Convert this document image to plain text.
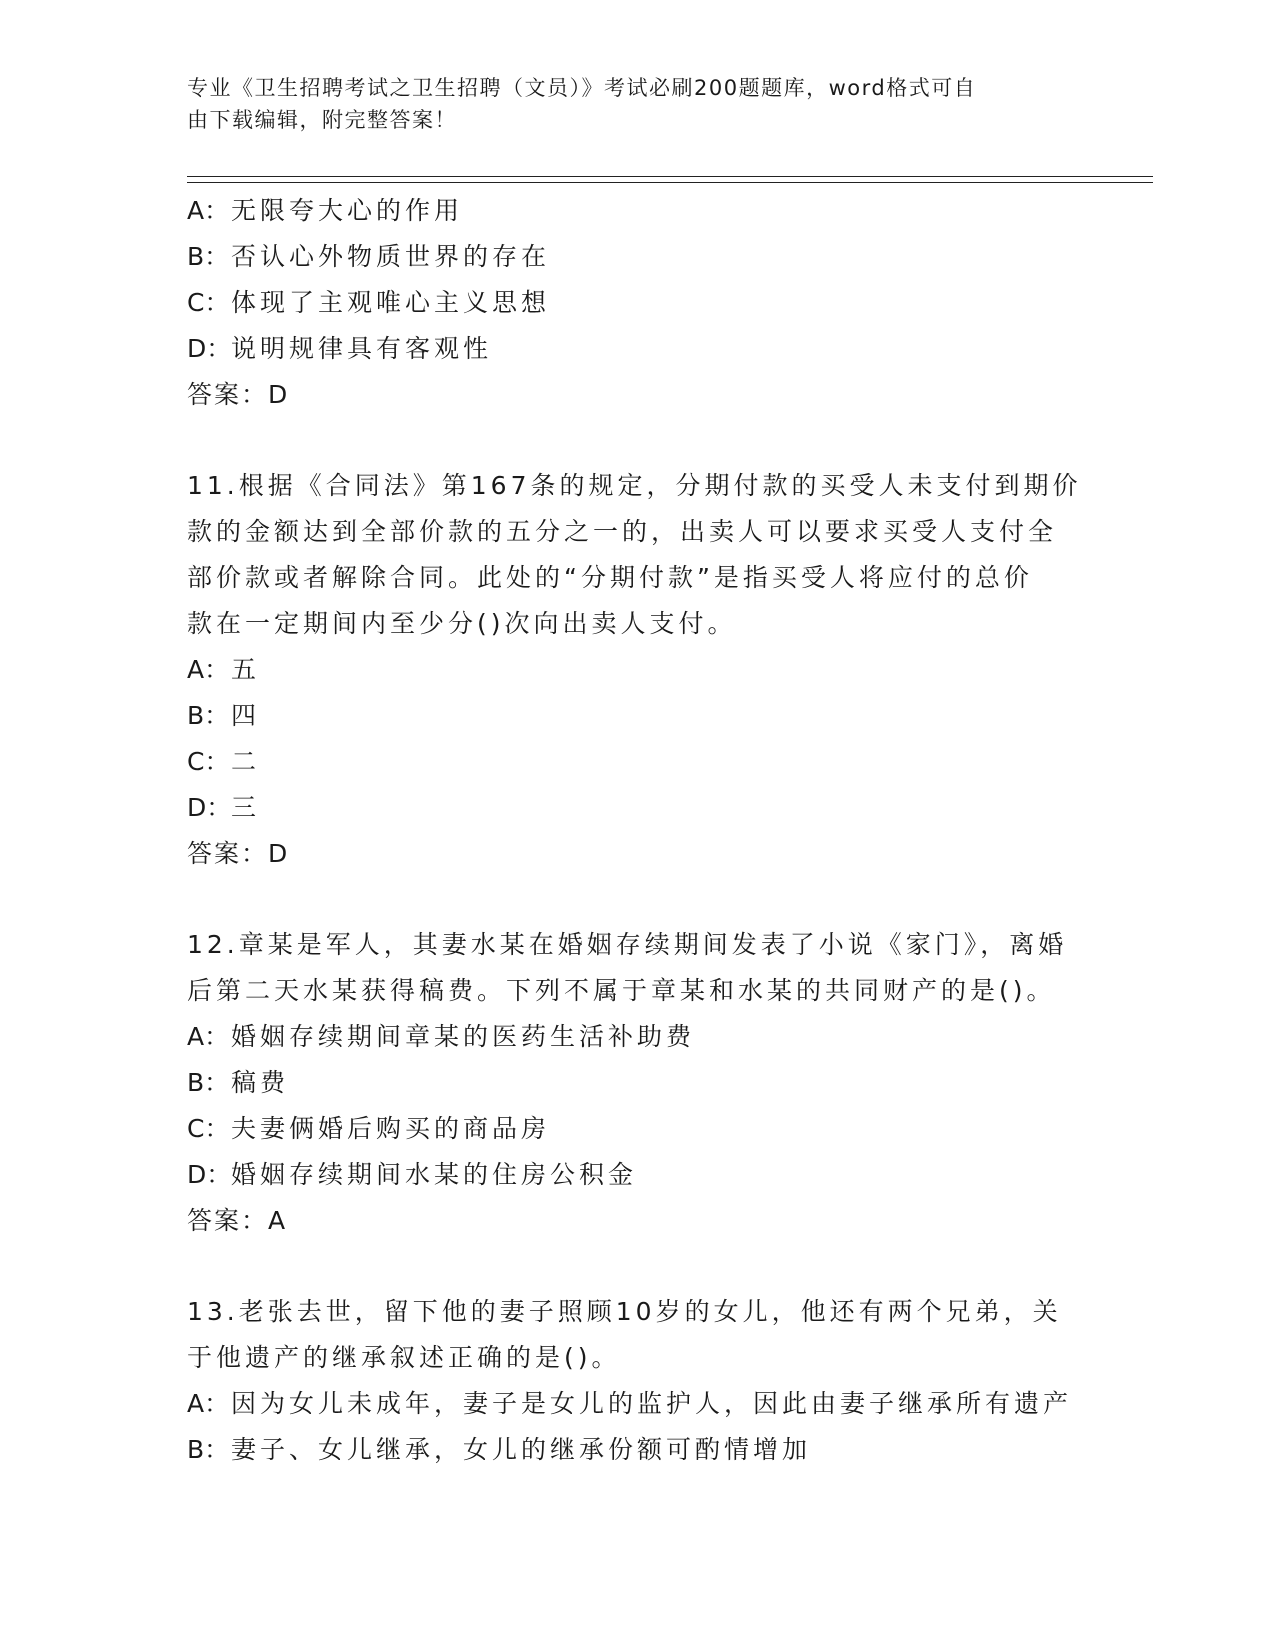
专业《卫生招聘考试之卫生招聘（文员）》考试必刷200题题库，word格式可自
由下载编辑，附完整答案！
A：无限夸大心的作用
B：否认心外物质世界的存在
C：体现了主观唯心主义思想
D：说明规律具有客观性
答案：D
11.根据《合同法》第167条的规定，分期付款的买受人未支付到期价
款的金额达到全部价款的五分之一的，出卖人可以要求买受人支付全
部价款或者解除合同。此处的“分期付款”是指买受人将应付的总价
款在一定期间内至少分()次向出卖人支付。
A：五
B：四
C：二
D：三
答案：D
12.章某是军人，其妻水某在婚姻存续期间发表了小说《家门》，离婚
后第二天水某获得稿费。下列不属于章某和水某的共同财产的是()。
A：婚姻存续期间章某的医药生活补助费
B：稿费
C：夫妻俩婚后购买的商品房
D：婚姻存续期间水某的住房公积金
答案：A
13.老张去世，留下他的妻子照顾10岁的女儿，他还有两个兄弟，关
于他遗产的继承叙述正确的是()。
A：因为女儿未成年，妻子是女儿的监护人，因此由妻子继承所有遗产
B：妻子、女儿继承，女儿的继承份额可酌情增加
